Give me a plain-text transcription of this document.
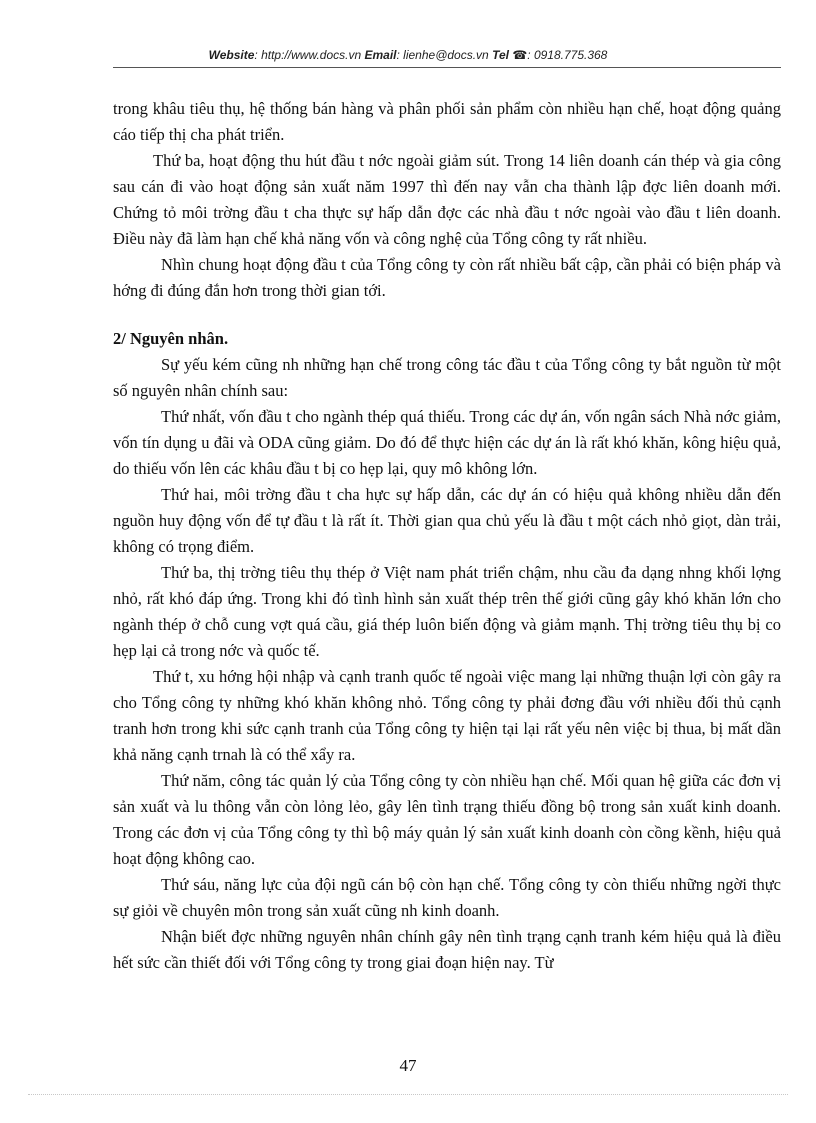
Website: http://www.docs.vn Email: lienhe@docs.vn Tel ☎: 0918.775.368

trong khâu tiêu thụ, hệ thống bán hàng và phân phối sản phẩm còn nhiều hạn chế, hoạt động quảng cáo tiếp thị cha phát triển.

Thứ ba, hoạt động thu hút đầu t nớc ngoài giảm sút. Trong 14 liên doanh cán thép và gia công sau cán đi vào hoạt động sản xuất năm 1997 thì đến nay vẫn cha thành lập đợc liên doanh mới. Chứng tỏ môi trờng đầu t cha thực sự hấp dẫn đợc các nhà đầu t nớc ngoài vào đầu t liên doanh. Điều này đã làm hạn chế khả năng vốn và công nghệ của Tổng công ty rất nhiều.

Nhìn chung hoạt động đầu t của Tổng công ty còn rất nhiều bất cập, cần phải có biện pháp và hớng đi đúng đắn hơn trong thời gian tới.

2/ Nguyên nhân.

Sự yếu kém cũng nh những hạn chế trong công tác đầu t của Tổng công ty bắt nguồn từ một số nguyên nhân chính sau:

Thứ nhất, vốn đầu t cho ngành thép quá thiếu. Trong các dự án, vốn ngân sách Nhà nớc giảm, vốn tín dụng u đãi và ODA cũng giảm. Do đó để thực hiện các dự án là rất khó khăn, kông hiệu quả, do thiếu vốn lên các khâu đầu t bị co hẹp lại, quy mô không lớn.

Thứ hai, môi trờng đầu t cha hực sự hấp dẫn, các dự án có hiệu quả không nhiều dẫn đến nguồn huy động vốn để tự đầu t là rất ít. Thời gian qua chủ yếu là đầu t một cách nhỏ giọt, dàn trải, không có trọng điểm.

Thứ ba, thị trờng tiêu thụ thép ở Việt nam phát triển chậm, nhu cầu đa dạng nhng khối lợng nhỏ, rất khó đáp ứng. Trong khi đó tình hình sản xuất thép trên thế giới cũng gây khó khăn lớn cho ngành thép ở chỗ cung vợt quá cầu, giá thép luôn biến động và giảm mạnh. Thị trờng tiêu thụ bị co hẹp lại cả trong nớc và quốc tế.

Thứ t, xu hớng hội nhập và cạnh tranh quốc tế ngoài việc mang lại những thuận lợi còn gây ra cho Tổng công ty những khó khăn không nhỏ. Tổng công ty phải đơng đầu với nhiều đối thủ cạnh tranh hơn trong khi sức cạnh tranh của Tổng công ty hiện tại lại rất yếu nên việc bị thua, bị mất dần khả năng cạnh trnah là có thể xẩy ra.

Thứ năm, công tác quản lý của Tổng công ty còn nhiều hạn chế. Mối quan hệ giữa các đơn vị sản xuất và lu thông vẫn còn lỏng lẻo, gây lên tình trạng thiếu đồng bộ trong sản xuất kinh doanh. Trong các đơn vị của Tổng công ty thì bộ máy quản lý sản xuất kinh doanh còn cồng kềnh, hiệu quả hoạt động không cao.

Thứ sáu, năng lực của đội ngũ cán bộ còn hạn chế. Tổng công ty còn thiếu những ngời thực sự giỏi về chuyên môn trong sản xuất cũng nh kinh doanh.

Nhận biết đợc những nguyên nhân chính gây nên tình trạng cạnh tranh kém hiệu quả là điều hết sức cần thiết đối với Tổng công ty trong giai đoạn hiện nay. Từ

47
